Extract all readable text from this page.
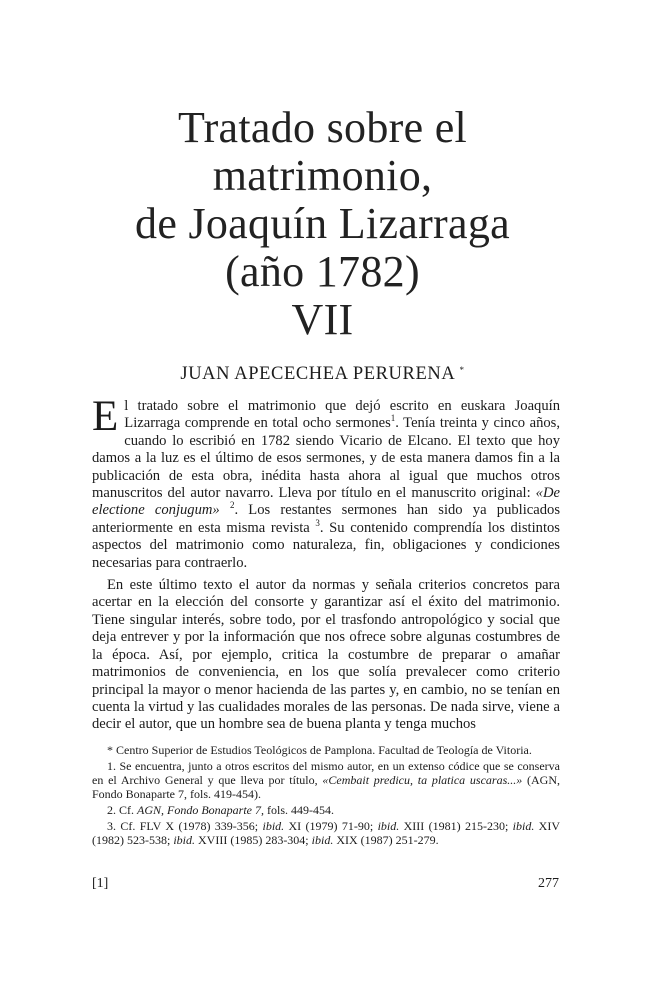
Tratado sobre el
matrimonio,
de Joaquín Lizarraga
(año 1782)
VII
JUAN APECECHEA PERURENA *

El tratado sobre el matrimonio que dejó escrito en euskara Joaquín Lizarraga comprende en total ocho sermones$^1$. Tenía treinta y cinco años, cuando lo escribió en 1782 siendo Vicario de Elcano. El texto que hoy damos a la luz es el último de esos sermones, y de esta manera damos fin a la publicación de esta obra, inédita hasta ahora al igual que muchos otros manuscritos del autor navarro. Lleva por título en el manuscrito original: «De electione conjugum» $^2$. Los restantes sermones han sido ya publicados anteriormente en esta misma revista $^3$. Su contenido comprendía los distintos aspectos del matrimonio como naturaleza, fin, obligaciones y condiciones necesarias para contraerlo.

En este último texto el autor da normas y señala criterios concretos para acertar en la elección del consorte y garantizar así el éxito del matrimonio. Tiene singular interés, sobre todo, por el trasfondo antropológico y social que deja entrever y por la información que nos ofrece sobre algunas costumbres de la época. Así, por ejemplo, critica la costumbre de preparar o amañar matrimonios de conveniencia, en los que solía prevalecer como criterio principal la mayor o menor hacienda de las partes y, en cambio, no se tenían en cuenta la virtud y las cualidades morales de las personas. De nada sirve, viene a decir el autor, que un hombre sea de buena planta y tenga muchos

* Centro Superior de Estudios Teológicos de Pamplona. Facultad de Teología de Vitoria.

1. Se encuentra, junto a otros escritos del mismo autor, en un extenso códice que se conserva en el Archivo General y que lleva por título, «Cembait predicu, ta platica uscaras...» (AGN, Fondo Bonaparte 7, fols. 419-454).

2. Cf. AGN, Fondo Bonaparte 7, fols. 449-454.

3. Cf. FLV X (1978) 339-356; ibid. XI (1979) 71-90; ibid. XIII (1981) 215-230; ibid. XIV (1982) 523-538; ibid. XVIII (1985) 283-304; ibid. XIX (1987) 251-279.

[1]	277
